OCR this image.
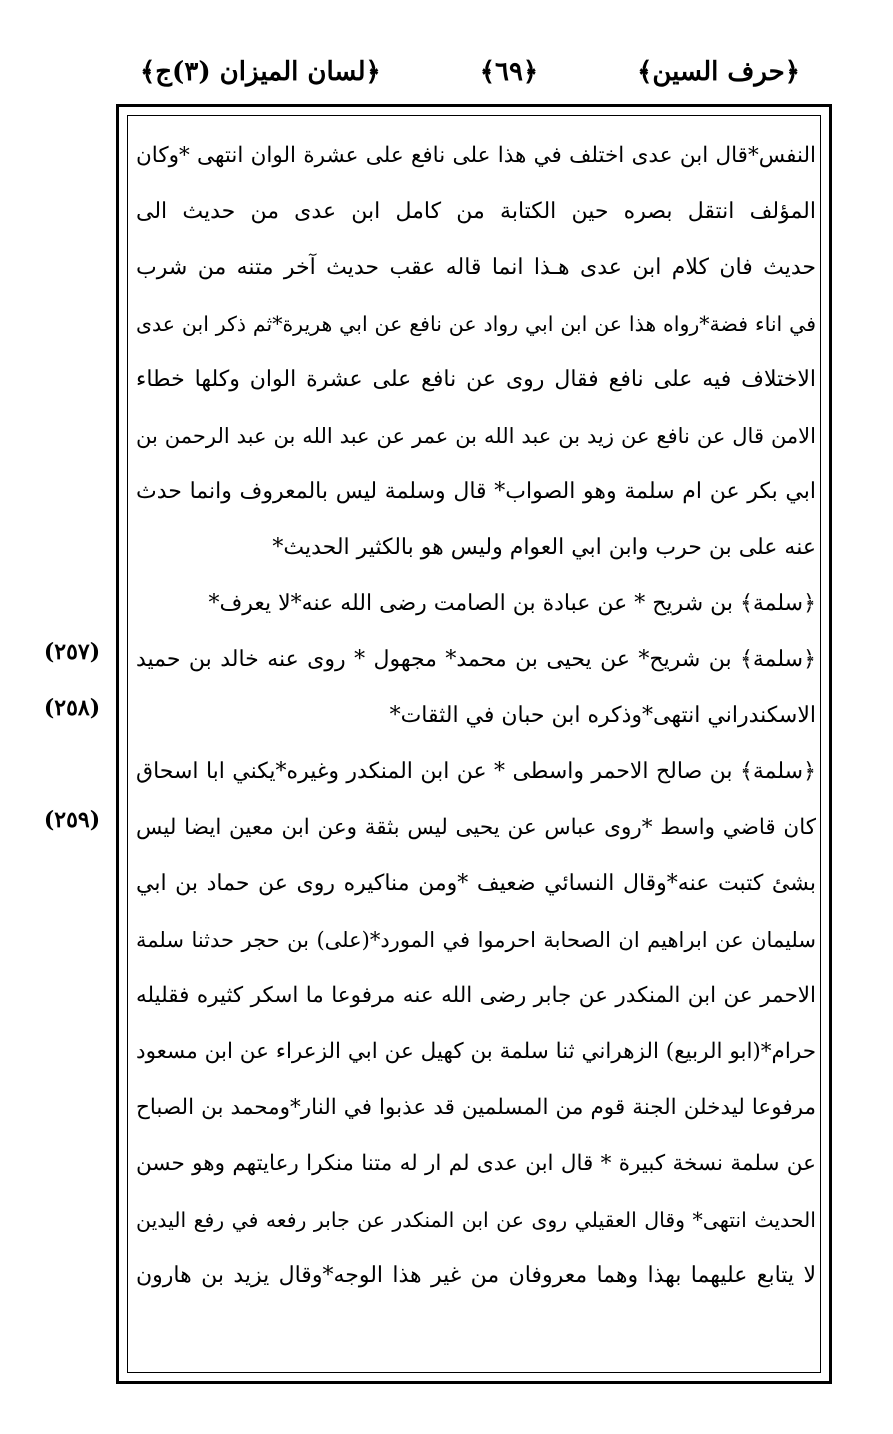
﴿حرف السين﴾
﴿٦٩﴾
﴿لسان الميزان (٣)ج﴾
النفس*قال ابن عدى اختلف في هذا على نافع على عشرة الوان انتهى *وكان
المؤلف انتقل بصره حين الكتابة من كامل ابن عدى من حديث الى
حديث فان كلام ابن عدى هـذا انما قاله عقب حديث آخر متنه من شرب
في اناء فضة*رواه هذا عن ابن ابي رواد عن نافع عن ابي هريرة*ثم ذكر ابن عدى
الاختلاف فيه على نافع فقال روى عن نافع على عشرة الوان وكلها خطاء
الامن قال عن نافع عن زيد بن عبد الله بن عمر عن عبد الله بن عبد الرحمن بن
ابي بكر عن ام سلمة وهو الصواب* قال وسلمة ليس بالمعروف وانما حدث
عنه على بن حرب وابن ابي العوام وليس هو بالكثير الحديث*
﴿سلمة﴾ بن شريح * عن عبادة بن الصامت رضى الله عنه*لا يعرف*
﴿سلمة﴾ بن شريح* عن يحيى بن محمد* مجهول * روى عنه خالد بن حميد
الاسكندراني انتهى*وذكره ابن حبان في الثقات*
﴿سلمة﴾ بن صالح الاحمر واسطى * عن ابن المنكدر وغيره*يكني ابا اسحاق
كان قاضي واسط *روى عباس عن يحيى ليس بثقة وعن ابن معين ايضا ليس
بشئ كتبت عنه*وقال النسائي ضعيف *ومن مناكيره روى عن حماد بن ابي
سليمان عن ابراهيم ان الصحابة احرموا في المورد*(على) بن حجر حدثنا سلمة
الاحمر عن ابن المنكدر عن جابر رضى الله عنه مرفوعا ما اسكر كثيره فقليله
حرام*(ابو الربيع) الزهراني ثنا سلمة بن كهيل عن ابي الزعراء عن ابن مسعود
مرفوعا ليدخلن الجنة قوم من المسلمين قد عذبوا في النار*ومحمد بن الصباح
عن سلمة نسخة كبيرة * قال ابن عدى لم ار له متنا منكرا رعايتهم وهو حسن
الحديث انتهى* وقال العقيلي روى عن ابن المنكدر عن جابر رفعه في رفع اليدين
لا يتابع عليهما بهذا وهما معروفان من غير هذا الوجه*وقال يزيد بن هارون
(٢٥٧)
(٢٥٨)
(٢٥٩)
